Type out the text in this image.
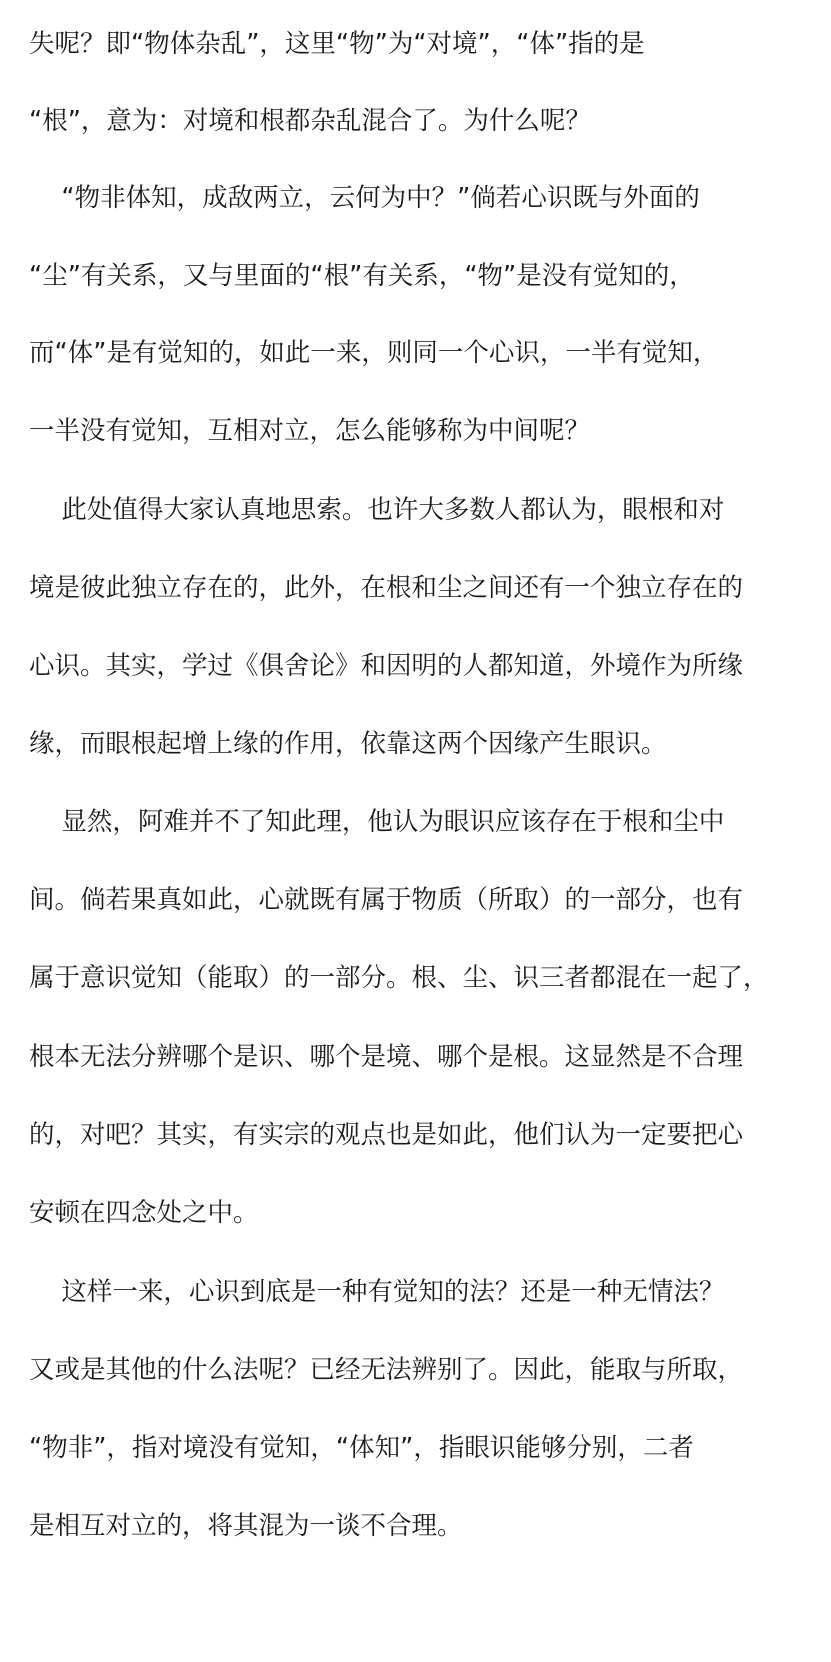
失呢？即“物体杂乱”，这里“物”为“对境”，“体”指的是
“根”，意为：对境和根都杂乱混合了。为什么呢？
“物非体知，成敌两立，云何为中？”倘若心识既与外面的
“尘”有关系，又与里面的“根”有关系，“物”是没有觉知的，
而“体”是有觉知的，如此一来，则同一个心识，一半有觉知，
一半没有觉知，互相对立，怎么能够称为中间呢？
此处值得大家认真地思索。也许大多数人都认为，眼根和对
境是彼此独立存在的，此外，在根和尘之间还有一个独立存在的
心识。其实，学过《俱舍论》和因明的人都知道，外境作为所缘
缘，而眼根起增上缘的作用，依靠这两个因缘产生眼识。
显然，阿难并不了知此理，他认为眼识应该存在于根和尘中
间。倘若果真如此，心就既有属于物质（所取）的一部分，也有
属于意识觉知（能取）的一部分。根、尘、识三者都混在一起了，
根本无法分辨哪个是识、哪个是境、哪个是根。这显然是不合理
的，对吧？其实，有实宗的观点也是如此，他们认为一定要把心
安顿在四念处之中。
这样一来，心识到底是一种有觉知的法？还是一种无情法？
又或是其他的什么法呢？已经无法辨别了。因此，能取与所取，
“物非”，指对境没有觉知，“体知”，指眼识能够分别，二者
是相互对立的，将其混为一谈不合理。
